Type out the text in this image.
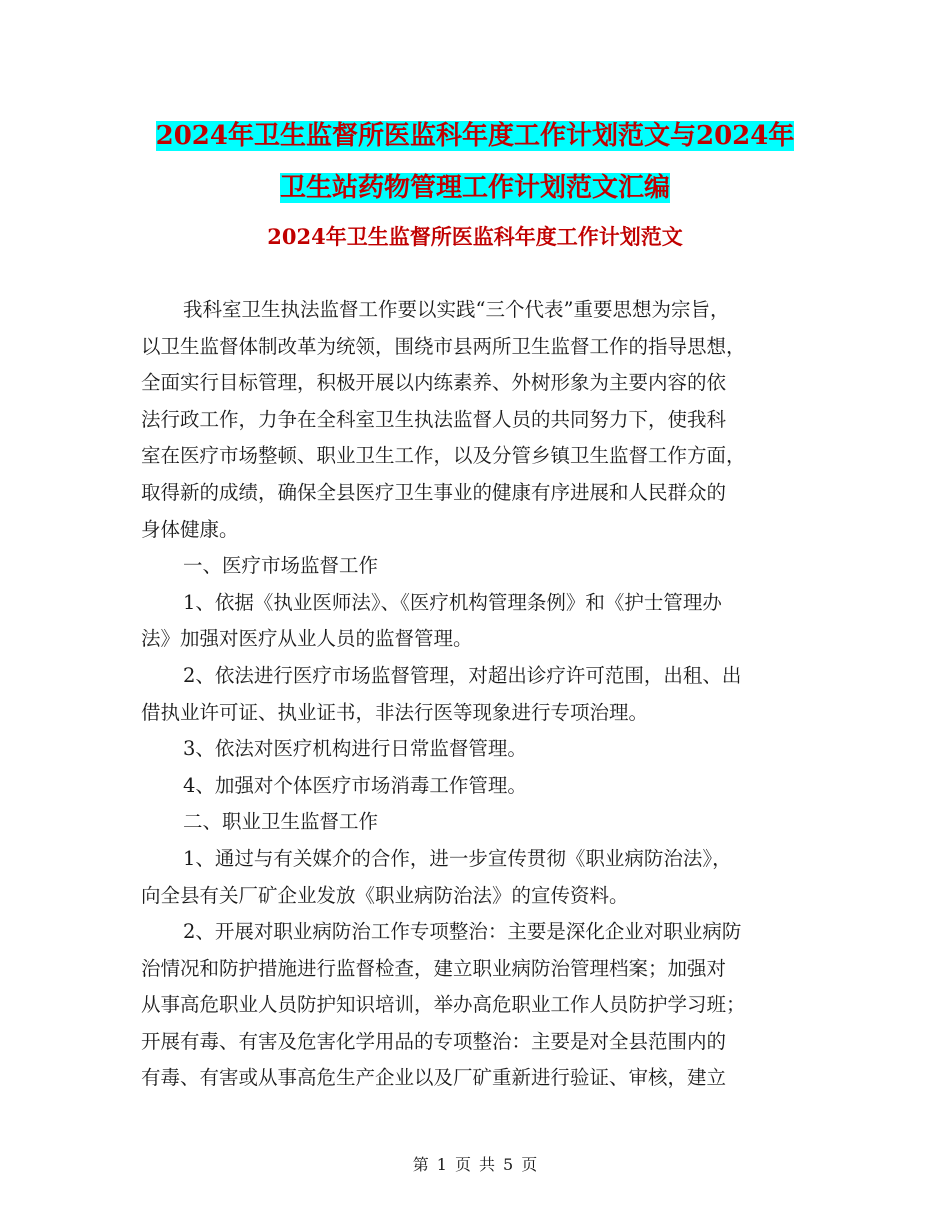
2024年卫生监督所医监科年度工作计划范文与2024年
卫生站药物管理工作计划范文汇编
2024年卫生监督所医监科年度工作计划范文

我科室卫生执法监督工作要以实践“三个代表”重要思想为宗旨，

以卫生监督体制改革为统领，围绕市县两所卫生监督工作的指导思想，

全面实行目标管理，积极开展以内练素养、外树形象为主要内容的依

法行政工作，力争在全科室卫生执法监督人员的共同努力下，使我科

室在医疗市场整顿、职业卫生工作，以及分管乡镇卫生监督工作方面，

取得新的成绩，确保全县医疗卫生事业的健康有序进展和人民群众的

身体健康。

一、医疗市场监督工作

1、依据《执业医师法》、《医疗机构管理条例》和《护士管理办

法》加强对医疗从业人员的监督管理。

2、依法进行医疗市场监督管理，对超出诊疗许可范围，出租、出

借执业许可证、执业证书，非法行医等现象进行专项治理。

3、依法对医疗机构进行日常监督管理。

4、加强对个体医疗市场消毒工作管理。

二、职业卫生监督工作

1、通过与有关媒介的合作，进一步宣传贯彻《职业病防治法》，

向全县有关厂矿企业发放《职业病防治法》的宣传资料。

2、开展对职业病防治工作专项整治：主要是深化企业对职业病防

治情况和防护措施进行监督检查，建立职业病防治管理档案；加强对

从事高危职业人员防护知识培训，举办高危职业工作人员防护学习班；

开展有毒、有害及危害化学用品的专项整治：主要是对全县范围内的

有毒、有害或从事高危生产企业以及厂矿重新进行验证、审核，建立

第 1 页 共 5 页
